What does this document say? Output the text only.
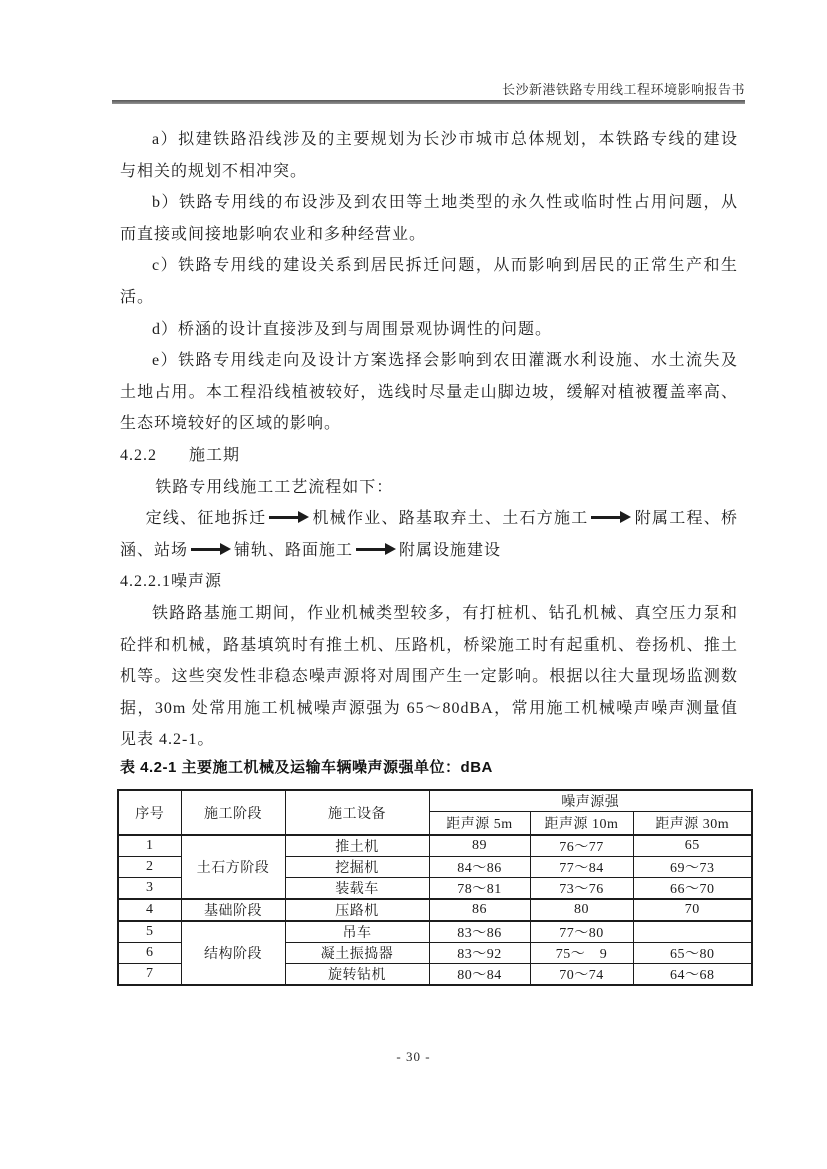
长沙新港铁路专用线工程环境影响报告书

a）拟建铁路沿线涉及的主要规划为长沙市城市总体规划，本铁路专线的建设与相关的规划不相冲突。

b）铁路专用线的布设涉及到农田等土地类型的永久性或临时性占用问题，从而直接或间接地影响农业和多种经营业。

c）铁路专用线的建设关系到居民拆迁问题，从而影响到居民的正常生产和生活。

d）桥涵的设计直接涉及到与周围景观协调性的问题。

e）铁路专用线走向及设计方案选择会影响到农田灌溉水利设施、水土流失及土地占用。本工程沿线植被较好，选线时尽量走山脚边坡，缓解对植被覆盖率高、生态环境较好的区域的影响。

4.2.2 施工期

铁路专用线施工工艺流程如下：

定线、征地拆迁	机械作业、路基取弃土、土石方施工	附属工程、桥涵、站场	铺轨、路面施工	附属设施建设

4.2.2.1噪声源

铁路路基施工期间，作业机械类型较多，有打桩机、钻孔机械、真空压力泵和砼拌和机械，路基填筑时有推土机、压路机，桥梁施工时有起重机、卷扬机、推土机等。这些突发性非稳态噪声源将对周围产生一定影响。根据以往大量现场监测数据，30m 处常用施工机械噪声源强为 65～80dBA，常用施工机械噪声噪声测量值见表 4.2-1。

表 4.2-1 主要施工机械及运输车辆噪声源强单位：dBA
序号	施工阶段	施工设备	噪声源强		
			距声源 5m	距声源 10m	距声源 30m
1	土石方阶段	推土机	89	76～77	65
2		挖掘机	84～86	77～84	69～73
3		装载车	78～81	73～76	66～70
4	基础阶段	压路机	86	80	70
5	结构阶段	吊车	83～86	77～80	
6		凝土振捣器	83～92	75～　9	65～80
7		旋转钻机	80～84	70～74	64～68
- 30 -
